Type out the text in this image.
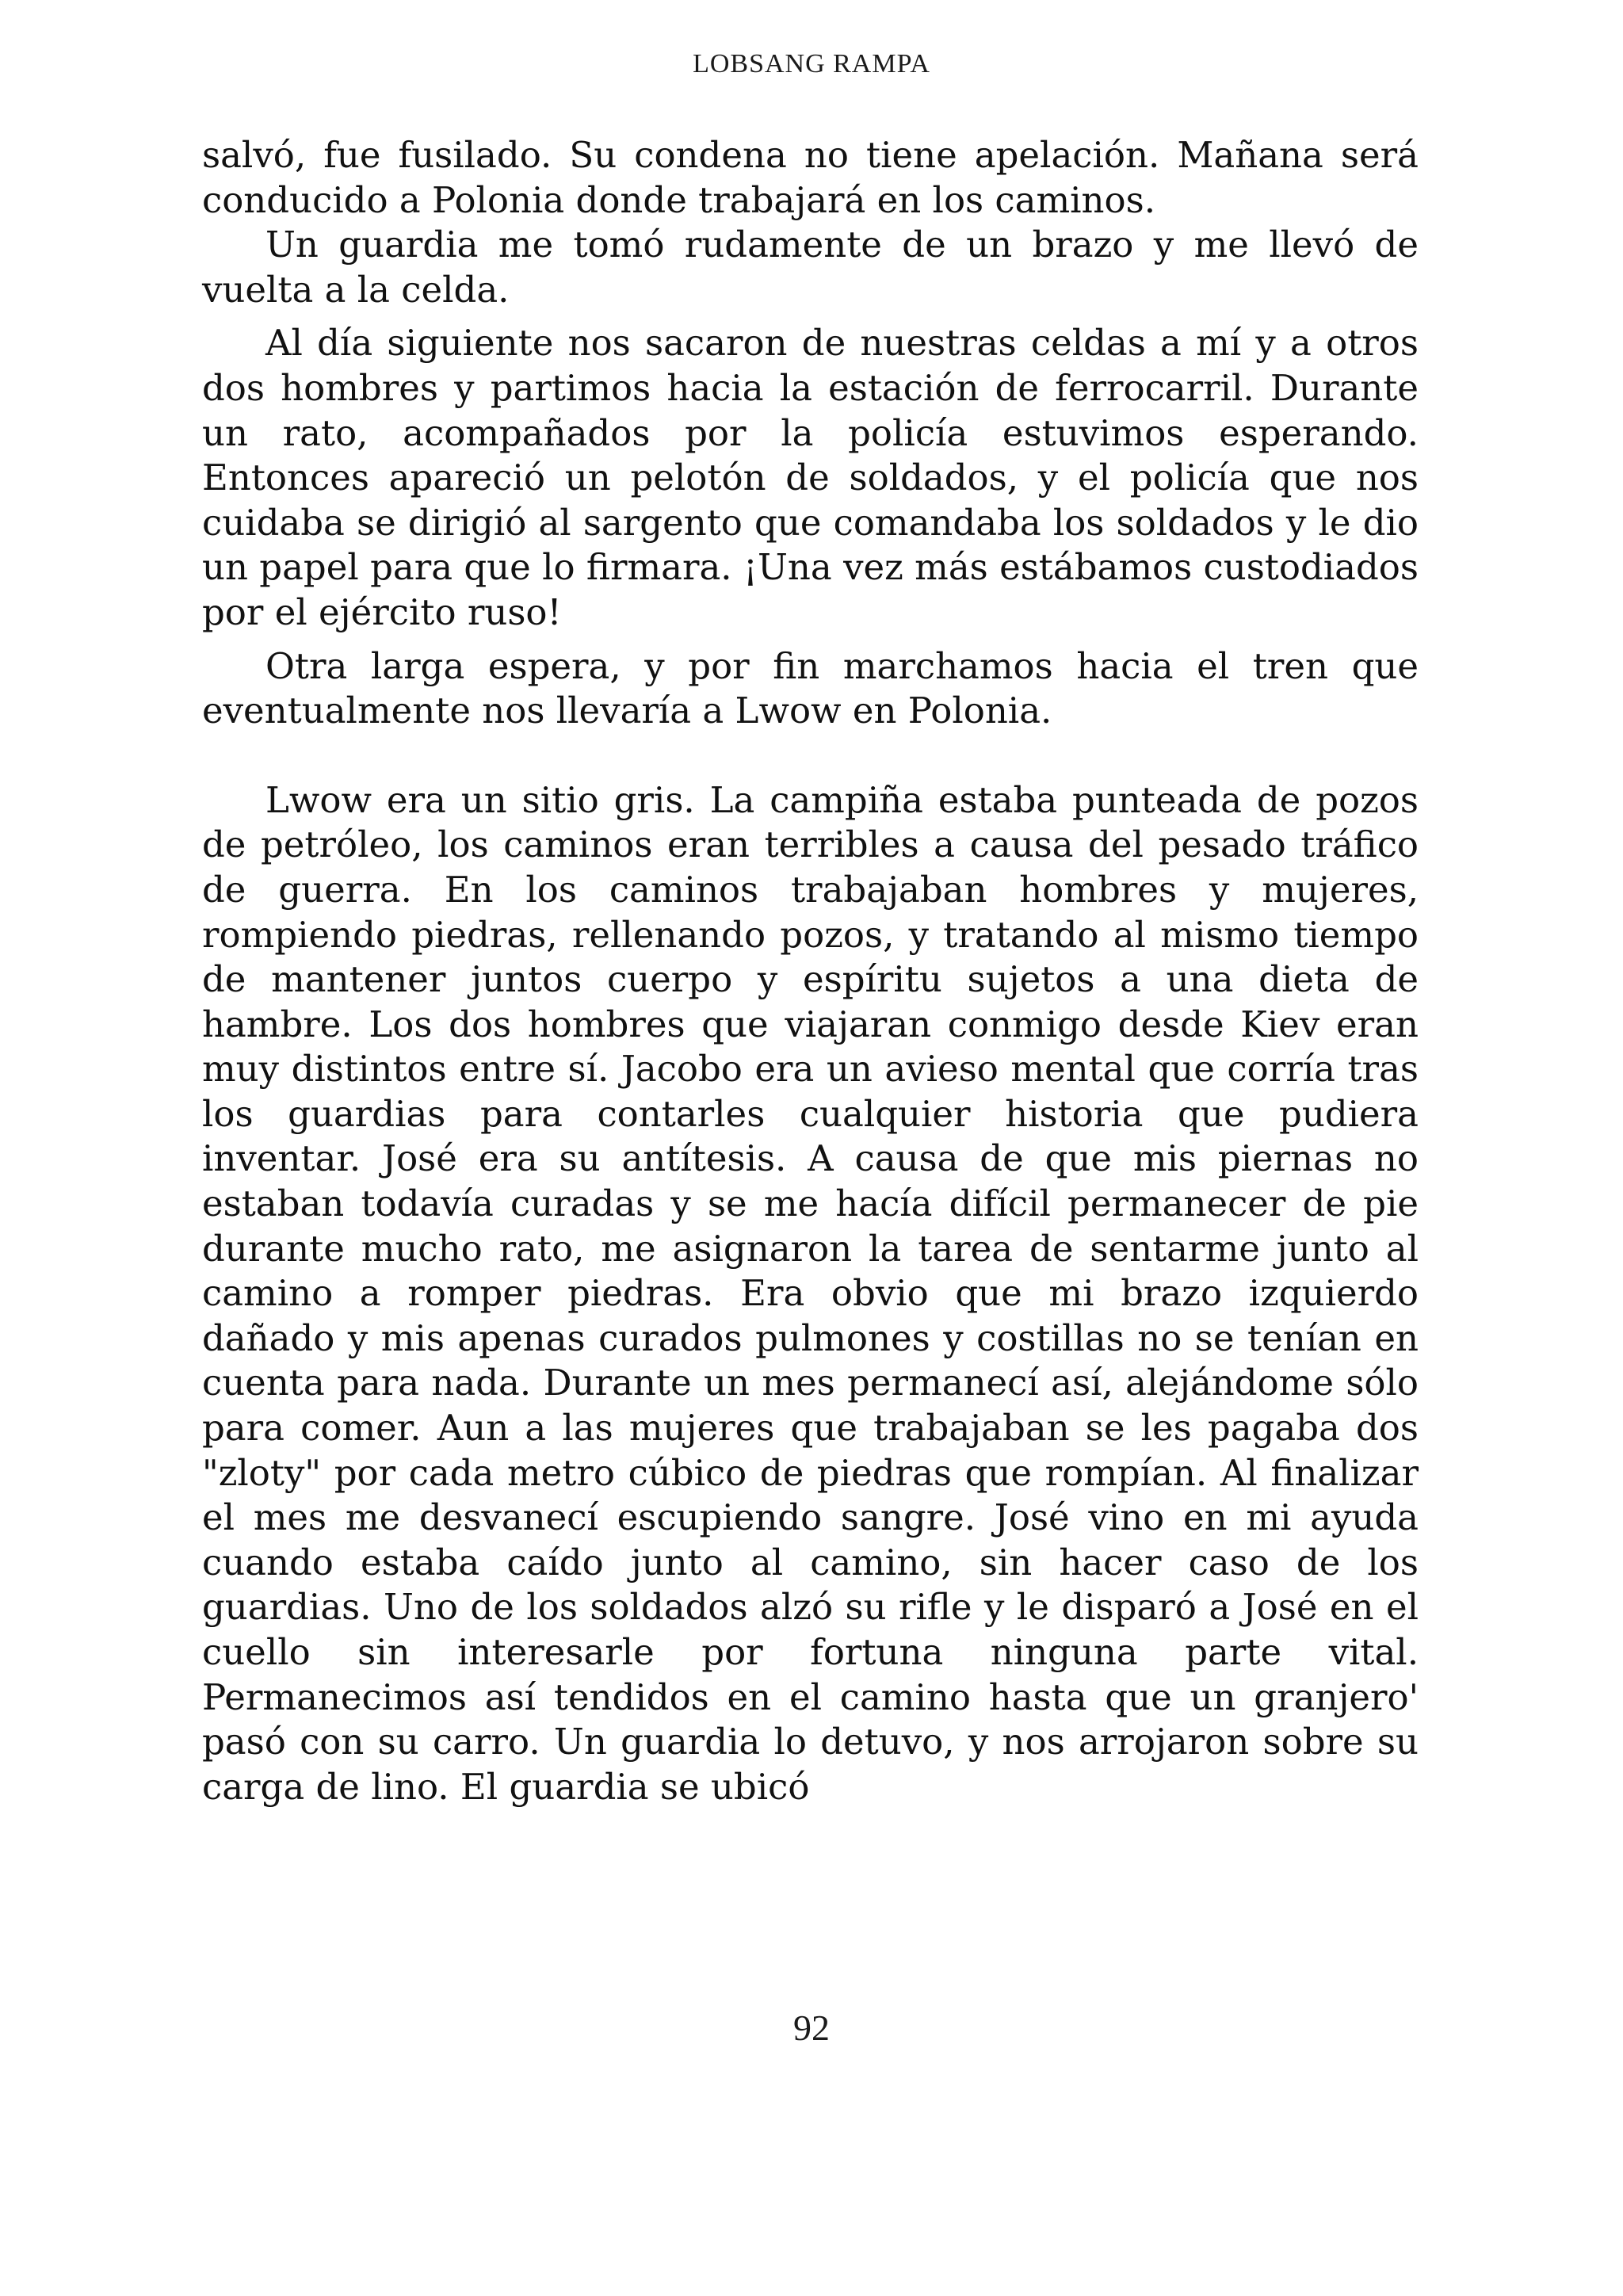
LOBSANG RAMPA

salvó, fue fusilado. Su condena no tiene apelación. Mañana será conducido a Polonia donde trabajará en los caminos.

Un guardia me tomó rudamente de un brazo y me llevó de vuelta a la celda.

Al día siguiente nos sacaron de nuestras celdas a mí y a otros dos hombres y partimos hacia la estación de ferrocarril. Durante un rato, acompañados por la policía estuvimos esperando. Entonces apareció un pelotón de soldados, y el policía que nos cuidaba se dirigió al sargento que comandaba los soldados y le dio un papel para que lo firmara. ¡Una vez más estábamos custodiados por el ejército ruso!

Otra larga espera, y por fin marchamos hacia el tren que eventualmente nos llevaría a Lwow en Polonia.

Lwow era un sitio gris. La campiña estaba punteada de pozos de petróleo, los caminos eran terribles a causa del pesado tráfico de guerra. En los caminos trabajaban hombres y mujeres, rompiendo piedras, rellenando pozos, y tratando al mismo tiempo de mantener juntos cuerpo y espíritu sujetos a una dieta de hambre. Los dos hombres que viajaran conmigo desde Kiev eran muy distintos entre sí. Jacobo era un avieso mental que corría tras los guardias para contarles cualquier historia que pudiera inventar. José era su antítesis. A causa de que mis piernas no estaban todavía curadas y se me hacía difícil permanecer de pie durante mucho rato, me asignaron la tarea de sentarme junto al camino a romper piedras. Era obvio que mi brazo izquierdo dañado y mis apenas curados pulmones y costillas no se tenían en cuenta para nada. Durante un mes permanecí así, alejándome sólo para comer. Aun a las mujeres que trabajaban se les pagaba dos "zloty" por cada metro cúbico de piedras que rompían. Al finalizar el mes me desvanecí escupiendo sangre. José vino en mi ayuda cuando estaba caído junto al camino, sin hacer caso de los guardias. Uno de los soldados alzó su rifle y le disparó a José en el cuello sin interesarle por fortuna ninguna parte vital. Permanecimos así tendidos en el camino hasta que un granjero' pasó con su carro. Un guardia lo detuvo, y nos arrojaron sobre su carga de lino. El guardia se ubicó

92
